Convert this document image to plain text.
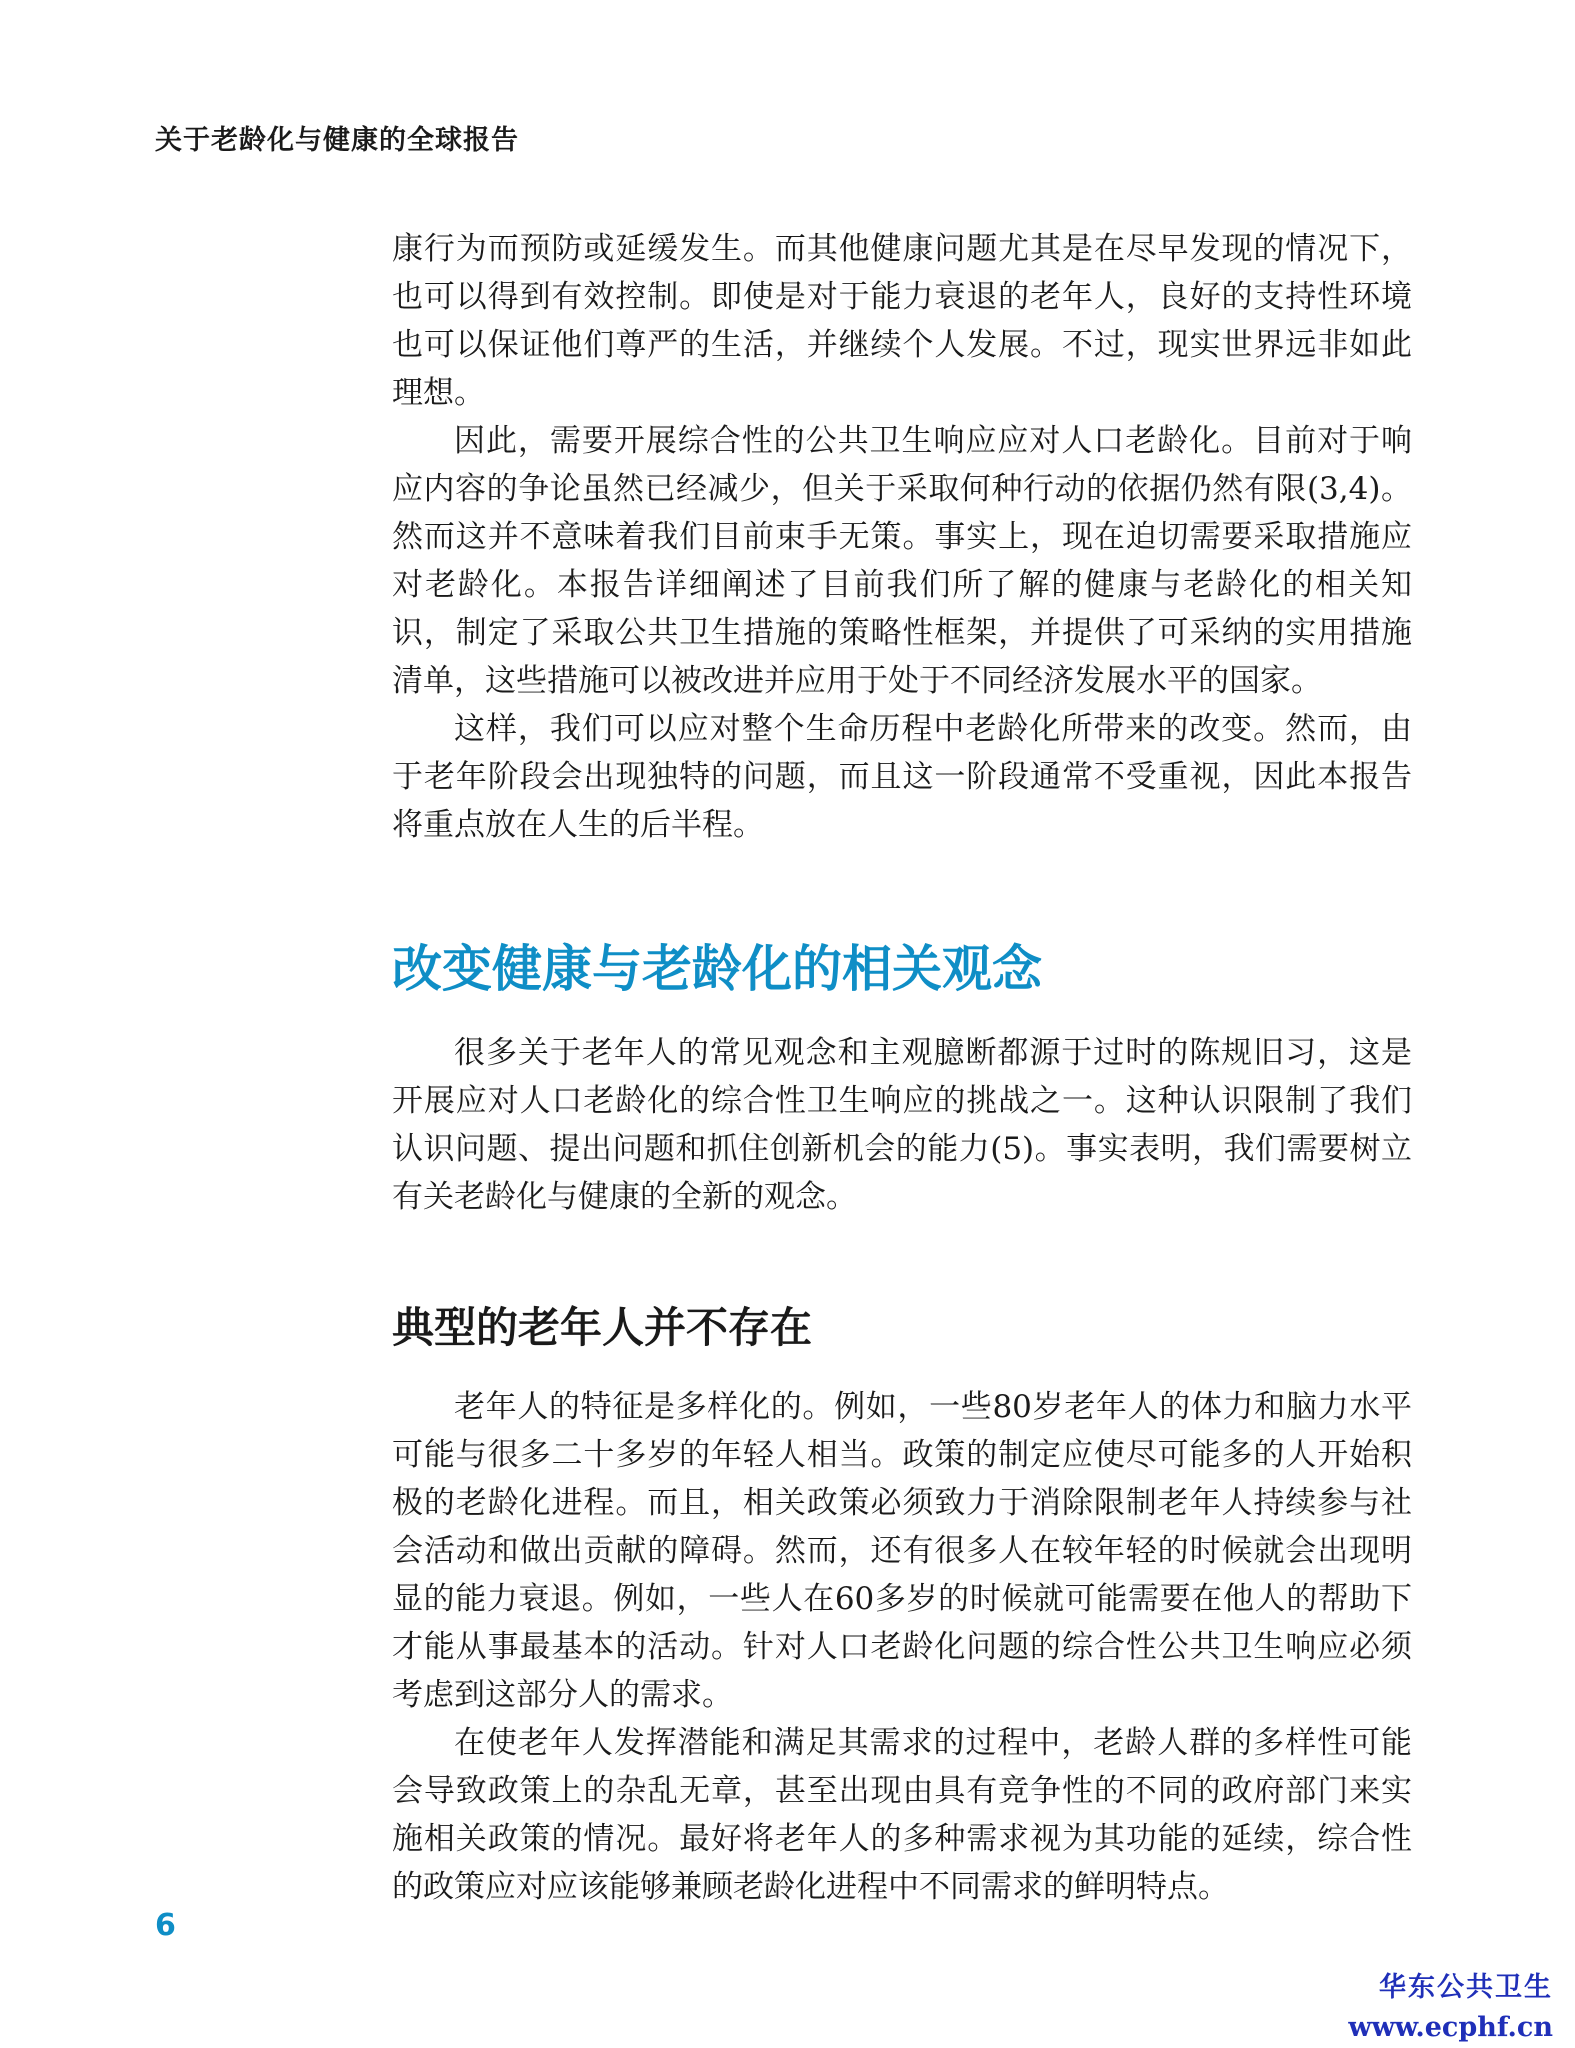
关于老龄化与健康的全球报告

康行为而预防或延缓发生。而其他健康问题尤其是在尽早发现的情况下，也可以得到有效控制。即使是对于能力衰退的老年人，良好的支持性环境也可以保证他们尊严的生活，并继续个人发展。不过，现实世界远非如此理想。

因此，需要开展综合性的公共卫生响应应对人口老龄化。目前对于响应内容的争论虽然已经减少，但关于采取何种行动的依据仍然有限(3,4)。然而这并不意味着我们目前束手无策。事实上，现在迫切需要采取措施应对老龄化。本报告详细阐述了目前我们所了解的健康与老龄化的相关知识，制定了采取公共卫生措施的策略性框架，并提供了可采纳的实用措施清单，这些措施可以被改进并应用于处于不同经济发展水平的国家。

这样，我们可以应对整个生命历程中老龄化所带来的改变。然而，由于老年阶段会出现独特的问题，而且这一阶段通常不受重视，因此本报告将重点放在人生的后半程。

改变健康与老龄化的相关观念

很多关于老年人的常见观念和主观臆断都源于过时的陈规旧习，这是开展应对人口老龄化的综合性卫生响应的挑战之一。这种认识限制了我们认识问题、提出问题和抓住创新机会的能力(5)。事实表明，我们需要树立有关老龄化与健康的全新的观念。

典型的老年人并不存在

老年人的特征是多样化的。例如，一些80岁老年人的体力和脑力水平可能与很多二十多岁的年轻人相当。政策的制定应使尽可能多的人开始积极的老龄化进程。而且，相关政策必须致力于消除限制老年人持续参与社会活动和做出贡献的障碍。然而，还有很多人在较年轻的时候就会出现明显的能力衰退。例如，一些人在60多岁的时候就可能需要在他人的帮助下才能从事最基本的活动。针对人口老龄化问题的综合性公共卫生响应必须考虑到这部分人的需求。

在使老年人发挥潜能和满足其需求的过程中，老龄人群的多样性可能会导致政策上的杂乱无章，甚至出现由具有竞争性的不同的政府部门来实施相关政策的情况。最好将老年人的多种需求视为其功能的延续，综合性的政策应对应该能够兼顾老龄化进程中不同需求的鲜明特点。

6
华东公共卫生
www.ecphf.cn
